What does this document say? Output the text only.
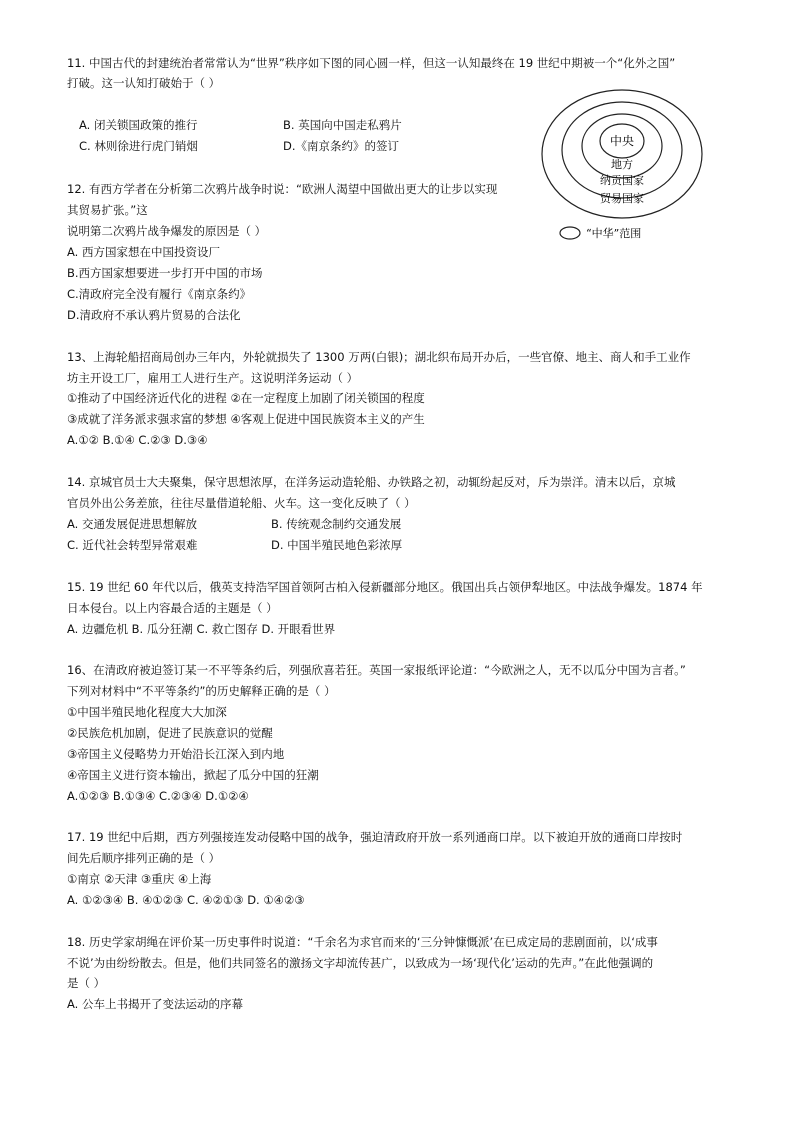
11. 中国古代的封建统治者常常认为“世界”秩序如下图的同心圆一样，但这一认知最终在 19 世纪中期被一个“化外之国”
打破。这一认知打破始于（ ）
A. 闭关锁国政策的推行	B. 英国向中国走私鸦片
C. 林则徐进行虎门销烟	D.《南京条约》的签订	中央
地方
纳贡国家
贸易国家
“中华”范围
12. 有西方学者在分析第二次鸦片战争时说：“欧洲人渴望中国做出更大的让步以实现
其贸易扩张。”这
说明第二次鸦片战争爆发的原因是（ ）
A. 西方国家想在中国投资设厂
B.西方国家想要进一步打开中国的市场
C.清政府完全没有履行《南京条约》
D.清政府不承认鸦片贸易的合法化
13、上海轮船招商局创办三年内，外轮就损失了 1300 万两(白银)；湖北织布局开办后，一些官僚、地主、商人和手工业作
坊主开设工厂，雇用工人进行生产。这说明洋务运动（ ）
①推动了中国经济近代化的进程 ②在一定程度上加剧了闭关锁国的程度
③成就了洋务派求强求富的梦想 ④客观上促进中国民族资本主义的产生
A.①② B.①④ C.②③ D.③④
14. 京城官员士大夫聚集，保守思想浓厚，在洋务运动造轮船、办铁路之初，动辄纷起反对，斥为崇洋。清末以后，京城
官员外出公务差旅，往往尽量借道轮船、火车。这一变化反映了（ ）
A. 交通发展促进思想解放	B. 传统观念制约交通发展
C. 近代社会转型异常艰难	D. 中国半殖民地色彩浓厚
15. 19 世纪 60 年代以后，俄英支持浩罕国首领阿古柏入侵新疆部分地区。俄国出兵占领伊犁地区。中法战争爆发。1874 年
日本侵台。以上内容最合适的主题是（ ）
A. 边疆危机 B. 瓜分狂潮 C. 救亡图存 D. 开眼看世界
16、在清政府被迫签订某一不平等条约后，列强欣喜若狂。英国一家报纸评论道：“今欧洲之人，无不以瓜分中国为言者。”
下列对材料中“不平等条约”的历史解释正确的是（ ）
①中国半殖民地化程度大大加深
②民族危机加剧，促进了民族意识的觉醒
③帝国主义侵略势力开始沿长江深入到内地
④帝国主义进行资本输出，掀起了瓜分中国的狂潮
A.①②③ B.①③④ C.②③④ D.①②④
17. 19 世纪中后期，西方列强接连发动侵略中国的战争，强迫清政府开放一系列通商口岸。以下被迫开放的通商口岸按时
间先后顺序排列正确的是（ ）
①南京 ②天津 ③重庆 ④上海
A. ①②③④ B. ④①②③ C. ④②①③ D. ①④②③
18. 历史学家胡绳在评价某一历史事件时说道：“千余名为求官而来的‘三分钟慷慨派’在已成定局的悲剧面前，以‘成事
不说’为由纷纷散去。但是，他们共同签名的激扬文字却流传甚广，以致成为一场‘现代化’运动的先声。”在此他强调的
是（ ）
A. 公车上书揭开了变法运动的序幕
